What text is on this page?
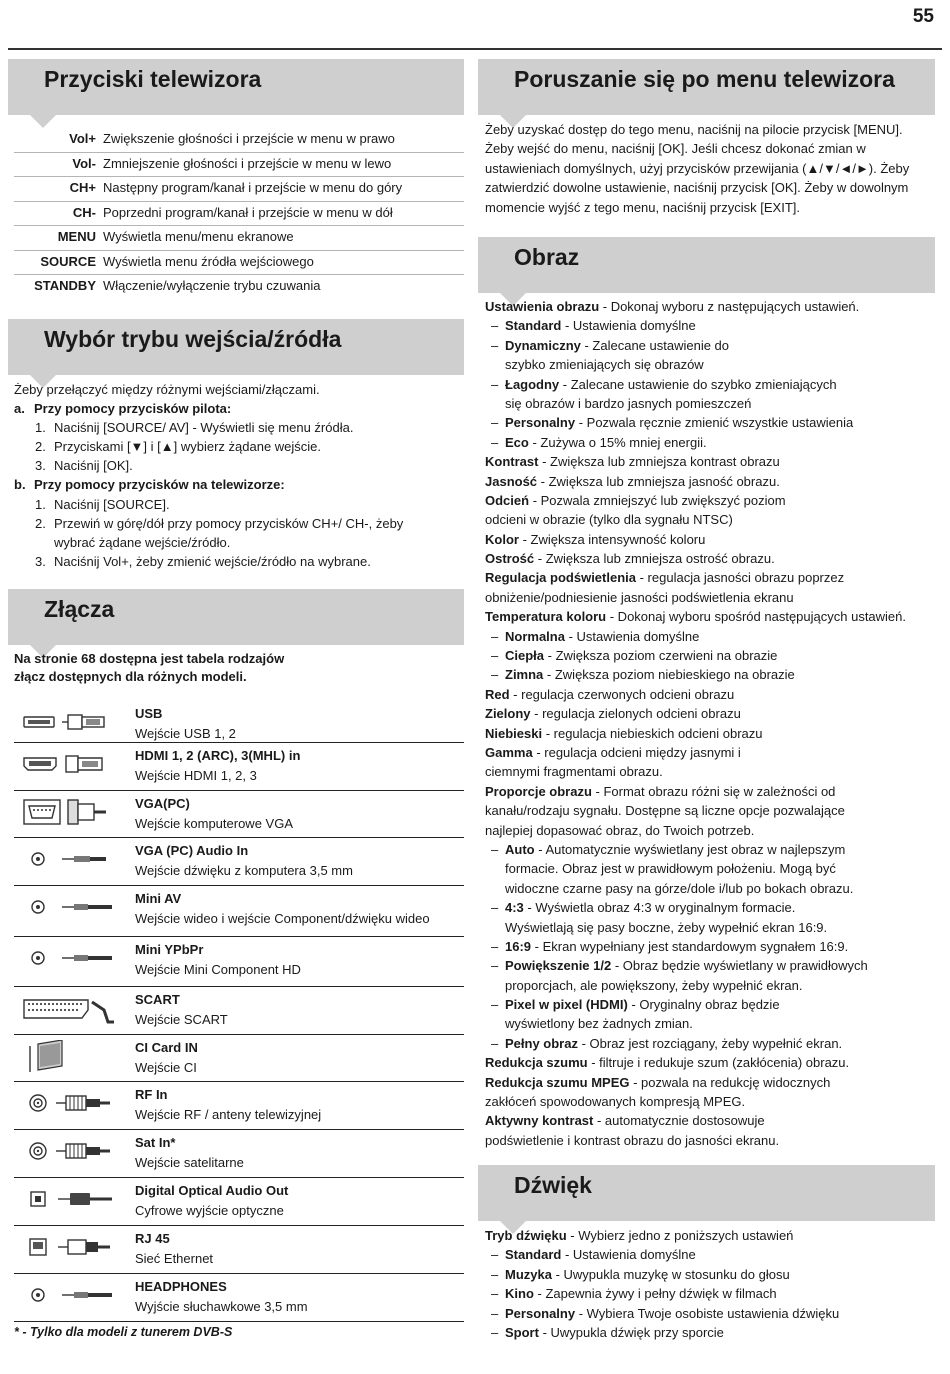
55
Przyciski telewizora
Vol+ Zwiększenie głośności i przejście w menu w prawo
Vol- Zmniejszenie głośności i przejście w menu w lewo
CH+ Następny program/kanał i przejście w menu do góry
CH- Poprzedni program/kanał i przejście w menu w dół
MENU Wyświetla menu/menu ekranowe
SOURCE Wyświetla menu źródła wejściowego
STANDBY Włączenie/wyłączenie trybu czuwania
Wybór trybu wejścia/źródła
Żeby przełączyć między różnymi wejściami/złączami.
a. Przy pomocy przycisków pilota:
1. Naciśnij [SOURCE/ AV] - Wyświetli się menu źródła.
2. Przyciskami [▼] i [▲] wybierz żądane wejście.
3. Naciśnij [OK].
b. Przy pomocy przycisków na telewizorze:
1. Naciśnij [SOURCE].
2. Przewiń w górę/dół przy pomocy przycisków CH+/ CH-, żeby
wybrać żądane wejście/źródło.
3. Naciśnij Vol+, żeby zmienić wejście/źródło na wybrane.
Złącza
Na stronie 68 dostępna jest tabela rodzajów
złącz dostępnych dla różnych modeli.
USB
Wejście USB 1, 2
HDMI 1, 2 (ARC), 3(MHL) in
Wejście HDMI 1, 2, 3
VGA(PC)
Wejście komputerowe VGA
VGA (PC) Audio In
Wejście dźwięku z komputera 3,5 mm
Mini AV
Wejście wideo i wejście Component/dźwięku wideo
Mini YPbPr
Wejście Mini Component HD
SCART
Wejście SCART
CI Card IN
Wejście CI
RF In
Wejście RF / anteny telewizyjnej
Sat In*
Wejście satelitarne
Digital Optical Audio Out
Cyfrowe wyjście optyczne
RJ 45
Sieć Ethernet
HEADPHONES
Wyjście słuchawkowe 3,5 mm
* - Tylko dla modeli z tunerem DVB-S
Poruszanie się po menu telewizora
Żeby uzyskać dostęp do tego menu, naciśnij na pilocie przycisk [MENU].
Żeby wejść do menu, naciśnij [OK]. Jeśli chcesz dokonać zmian w
ustawieniach domyślnych, użyj przycisków przewijania (▲/▼/◄/►). Żeby
zatwierdzić dowolne ustawienie, naciśnij przycisk [OK]. Żeby w dowolnym
momencie wyjść z tego menu, naciśnij przycisk [EXIT].
Obraz
Ustawienia obrazu - Dokonaj wyboru z następujących ustawień.
– Standard - Ustawienia domyślne
– Dynamiczny - Zalecane ustawienie do
szybko zmieniających się obrazów
– Łagodny - Zalecane ustawienie do szybko zmieniających
się obrazów i bardzo jasnych pomieszczeń
– Personalny - Pozwala ręcznie zmienić wszystkie ustawienia
– Eco - Zużywa o 15% mniej energii.
Kontrast - Zwiększa lub zmniejsza kontrast obrazu
Jasność - Zwiększa lub zmniejsza jasność obrazu.
Odcień - Pozwala zmniejszyć lub zwiększyć poziom
odcieni w obrazie (tylko dla sygnału NTSC)
Kolor - Zwiększa intensywność koloru
Ostrość - Zwiększa lub zmniejsza ostrość obrazu.
Regulacja podświetlenia - regulacja jasności obrazu poprzez
obniżenie/podniesienie jasności podświetlenia ekranu
Temperatura koloru - Dokonaj wyboru spośród następujących ustawień.
– Normalna - Ustawienia domyślne
– Ciepła - Zwiększa poziom czerwieni na obrazie
– Zimna - Zwiększa poziom niebieskiego na obrazie
Red - regulacja czerwonych odcieni obrazu
Zielony - regulacja zielonych odcieni obrazu
Niebieski - regulacja niebieskich odcieni obrazu
Gamma - regulacja odcieni między jasnymi i
ciemnymi fragmentami obrazu.
Proporcje obrazu - Format obrazu różni się w zależności od
kanału/rodzaju sygnału. Dostępne są liczne opcje pozwalające
najlepiej dopasować obraz, do Twoich potrzeb.
– Auto - Automatycznie wyświetlany jest obraz w najlepszym
formacie. Obraz jest w prawidłowym położeniu. Mogą być
widoczne czarne pasy na górze/dole i/lub po bokach obrazu.
– 4:3 - Wyświetla obraz 4:3 w oryginalnym formacie.
Wyświetlają się pasy boczne, żeby wypełnić ekran 16:9.
– 16:9 - Ekran wypełniany jest standardowym sygnałem 16:9.
– Powiększenie 1/2 - Obraz będzie wyświetlany w prawidłowych
proporcjach, ale powiększony, żeby wypełnić ekran.
– Pixel w pixel (HDMI) - Oryginalny obraz będzie
wyświetlony bez żadnych zmian.
– Pełny obraz - Obraz jest rozciągany, żeby wypełnić ekran.
Redukcja szumu - filtruje i redukuje szum (zakłócenia) obrazu.
Redukcja szumu MPEG - pozwala na redukcję widocznych
zakłóceń spowodowanych kompresją MPEG.
Aktywny kontrast - automatycznie dostosowuje
podświetlenie i kontrast obrazu do jasności ekranu.
Dźwięk
Tryb dźwięku - Wybierz jedno z poniższych ustawień
– Standard - Ustawienia domyślne
– Muzyka - Uwypukla muzykę w stosunku do głosu
– Kino - Zapewnia żywy i pełny dźwięk w filmach
– Personalny - Wybiera Twoje osobiste ustawienia dźwięku
– Sport - Uwypukla dźwięk przy sporcie
